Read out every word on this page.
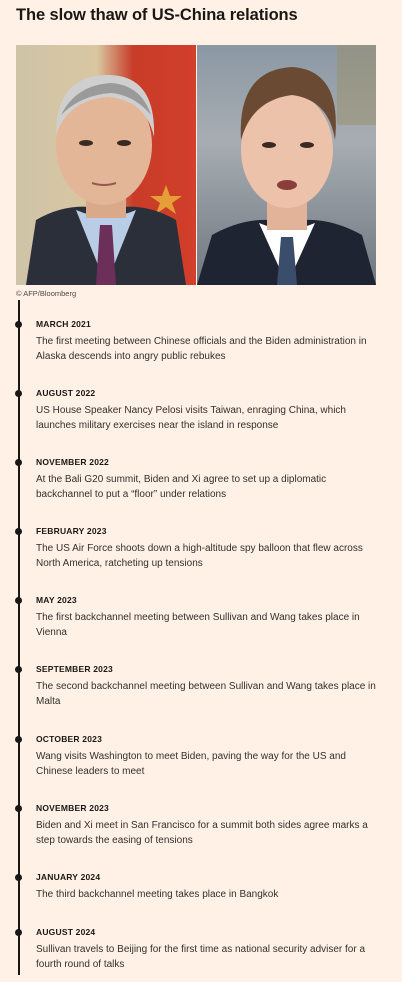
The slow thaw of US-China relations
© AFP/Bloomberg
MARCH 2021
The first meeting between Chinese officials and the Biden administration in Alaska descends into angry public rebukes
AUGUST 2022
US House Speaker Nancy Pelosi visits Taiwan, enraging China, which launches military exercises near the island in response
NOVEMBER 2022
At the Bali G20 summit, Biden and Xi agree to set up a diplomatic backchannel to put a “floor” under relations
FEBRUARY 2023
The US Air Force shoots down a high-altitude spy balloon that flew across North America, ratcheting up tensions
MAY 2023
The first backchannel meeting between Sullivan and Wang takes place in Vienna
SEPTEMBER 2023
The second backchannel meeting between Sullivan and Wang takes place in Malta
OCTOBER 2023
Wang visits Washington to meet Biden, paving the way for the US and Chinese leaders to meet
NOVEMBER 2023
Biden and Xi meet in San Francisco for a summit both sides agree marks a step towards the easing of tensions
JANUARY 2024
The third backchannel meeting takes place in Bangkok
AUGUST 2024
Sullivan travels to Beijing for the first time as national security adviser for a fourth round of talks
